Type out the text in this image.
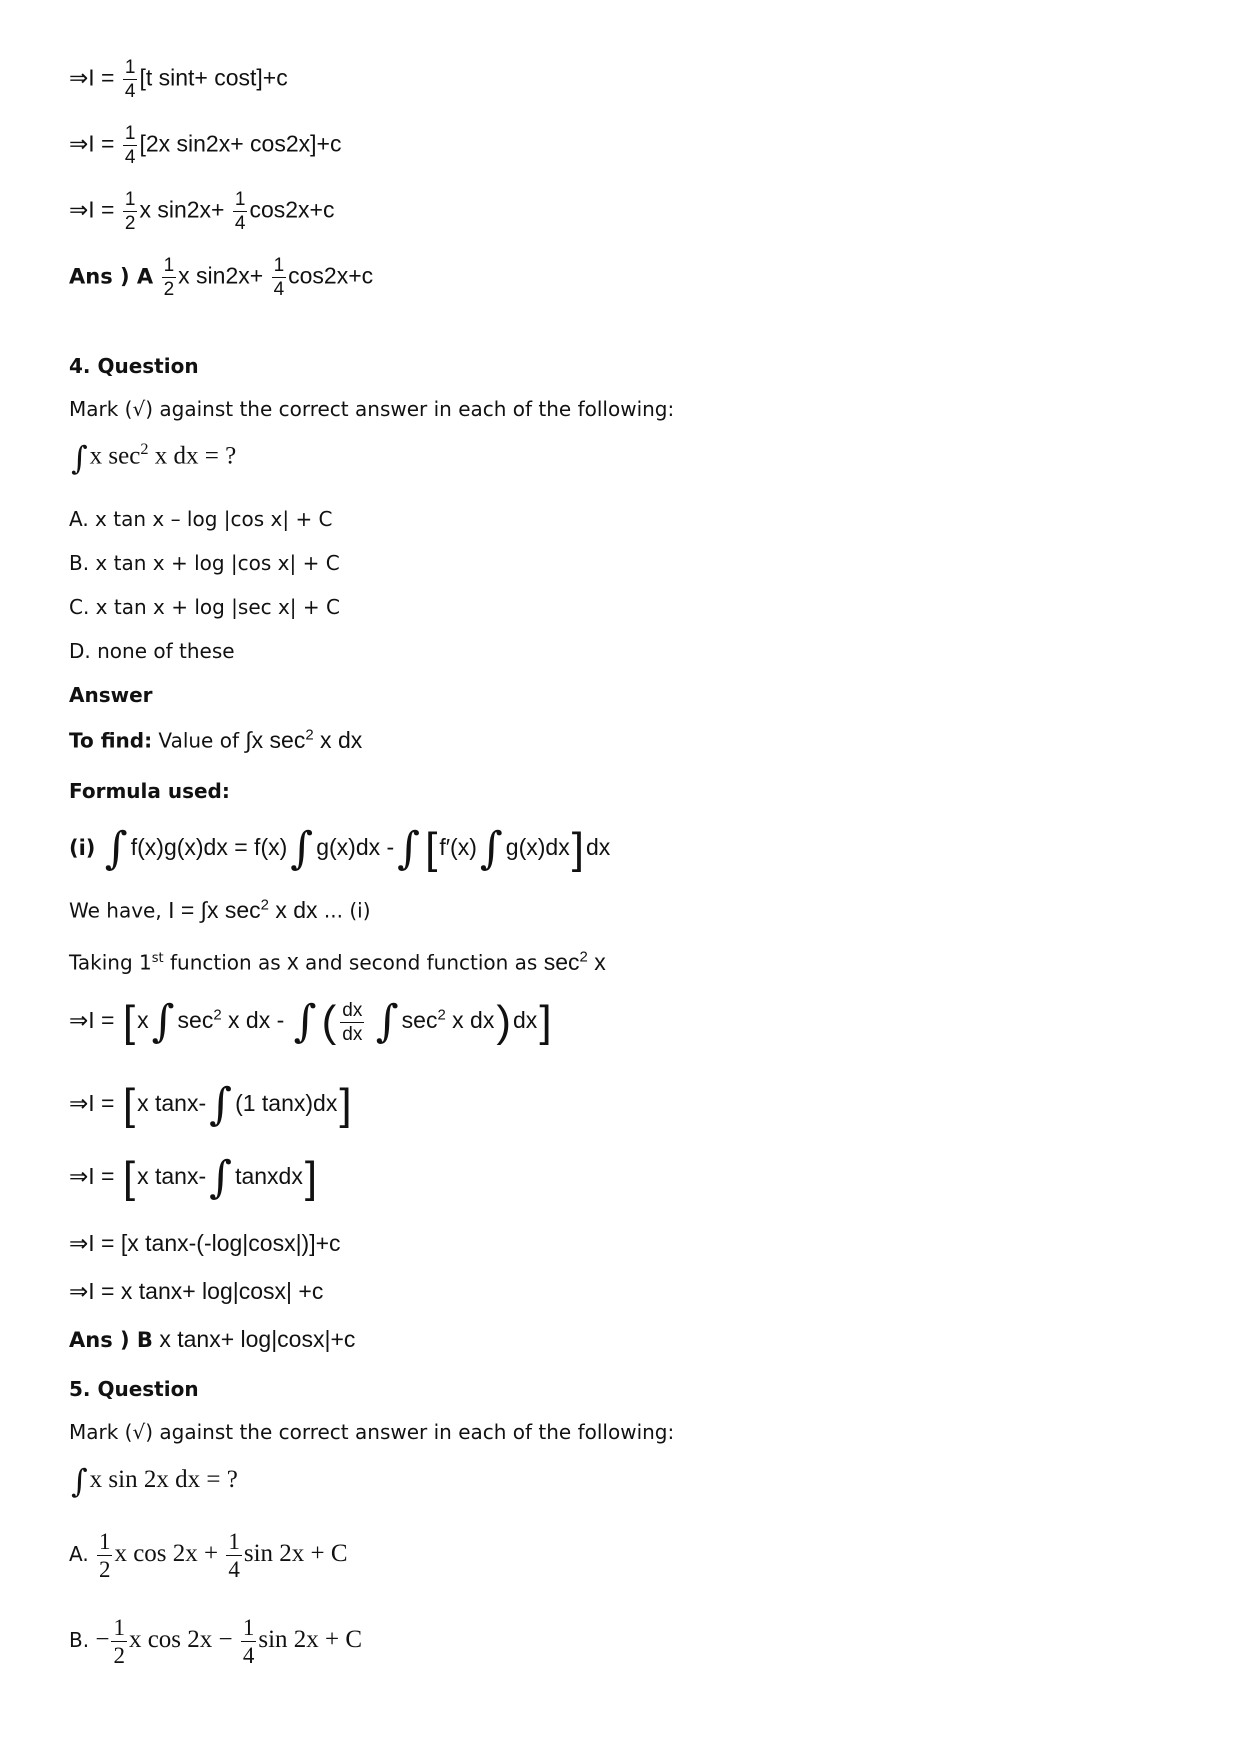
⇒I = $\frac{1}{4} [t$ sint+ cost]+c
⇒I = $\frac{1}{4} [2x$ sin2x+ cos2x]+c
⇒I = $\frac{1}{2}$ x $\sin 2x+ \frac{1}{4} \cos 2x+c$
Ans ) A $\frac{1}{2}$ x $\sin 2x+ \frac{1}{4} \cos 2x+c$
4. Question
Mark (√) against the correct answer in each of the following:
∫x $\sec^2 x$ dx = ?
A. x tan x – log |cos x| + C
B. x tan x + log |cos x| + C
C. x tan x + log |sec x| + C
D. none of these
Answer
To find: Value of ∫x $\sec^2 x$ dx
Formula used:
(i) ∫ f(x)g(x)dx = f(x)∫ g(x)dx -∫ [f′(x)∫ g(x)dx]dx
We have, I = ∫x $\sec^2 x$ dx ... (i)
Taking 1st function as x and second function as $\sec^2 x$
⇒I = [x∫ $\sec^2 x$ dx - ∫ ( $\frac{dx}{dx}$ ∫ $\sec^2 x$ dx)dx]
⇒I = [x tanx-∫ (1 tanx)dx]
⇒I = [x tanx-∫ tanxdx]
⇒I = [x tanx-(-log|cosx|)]+c
⇒I = x tanx+ log|cosx| +c
Ans ) B x tanx+ log|cosx|+c
5. Question
Mark (√) against the correct answer in each of the following:
∫x sin 2x dx = ?
A. $\frac{1}{2}$ x $\cos 2x + \frac{1}{4}$ sin 2x + C
B. − $\frac{1}{2}$ x $\cos 2x - \frac{1}{4}$ sin 2x + C
